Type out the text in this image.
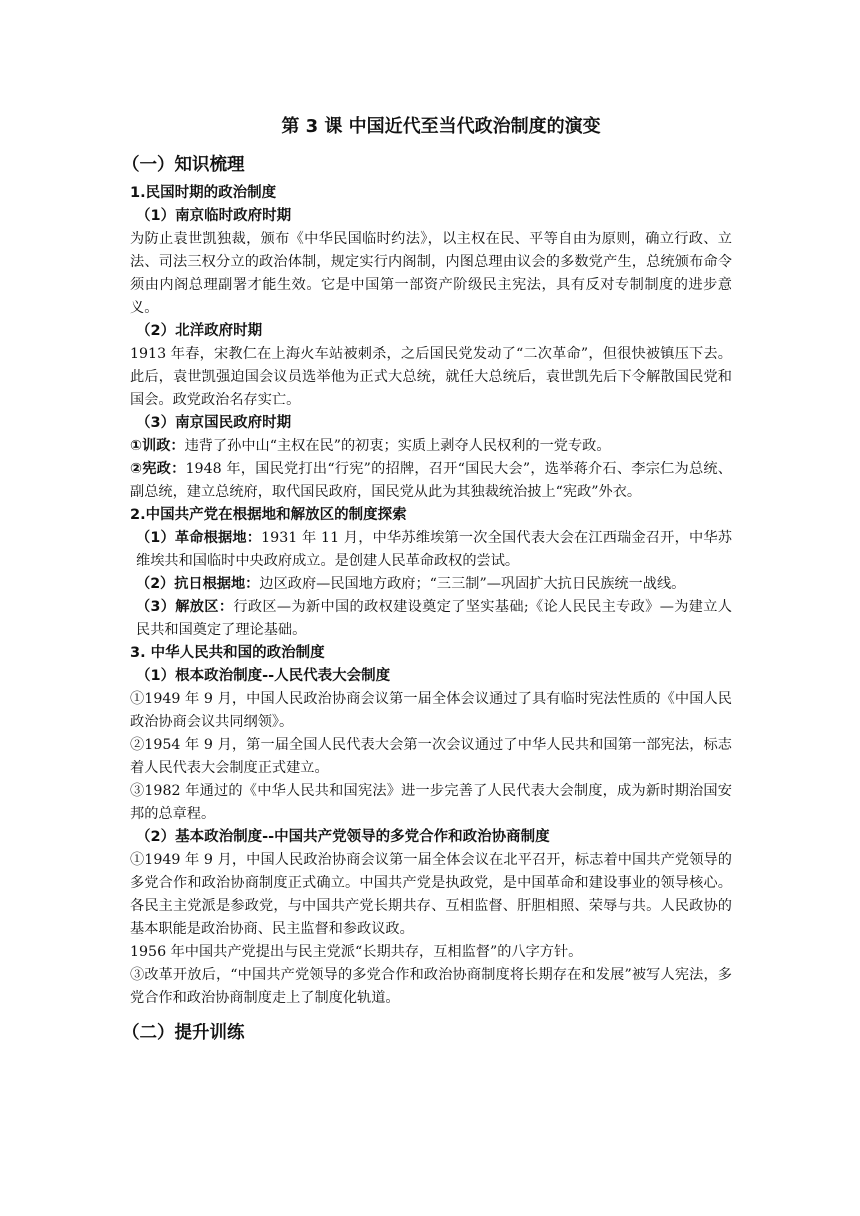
第 3 课 中国近代至当代政治制度的演变
（一）知识梳理
1.民国时期的政治制度
（1）南京临时政府时期
为防止袁世凯独裁，颁布《中华民国临时约法》，以主权在民、平等自由为原则，确立行政、立法、司法三权分立的政治体制，规定实行内阁制，内图总理由议会的多数党产生，总统颁布命令须由内阁总理副署才能生效。它是中国第一部资产阶级民主宪法，具有反对专制制度的进步意义。
（2）北洋政府时期
1913 年春，宋教仁在上海火车站被刺杀，之后国民党发动了“二次革命”，但很快被镇压下去。此后，袁世凯强迫国会议员选举他为正式大总统，就任大总统后，袁世凯先后下令解散国民党和国会。政党政治名存实亡。
（3）南京国民政府时期
①训政：违背了孙中山“主权在民”的初衷；实质上剥夺人民权利的一党专政。
②宪政：1948 年，国民党打出“行宪”的招牌，召开“国民大会”，选举蒋介石、李宗仁为总统、副总统，建立总统府，取代国民政府，国民党从此为其独裁统治披上“宪政”外衣。
2.中国共产党在根据地和解放区的制度探索
（1）革命根据地：1931 年 11 月，中华苏维埃第一次全国代表大会在江西瑞金召开，中华苏维埃共和国临时中央政府成立。是创建人民革命政权的尝试。
（2）抗日根据地：边区政府—民国地方政府；“三三制”—巩固扩大抗日民族统一战线。
（3）解放区：行政区—为新中国的政权建设奠定了坚实基础;《论人民民主专政》—为建立人民共和国奠定了理论基础。
3. 中华人民共和国的政治制度
（1）根本政治制度--人民代表大会制度
①1949 年 9 月，中国人民政治协商会议第一届全体会议通过了具有临时宪法性质的《中国人民政治协商会议共同纲领》。
②1954 年 9 月，第一届全国人民代表大会第一次会议通过了中华人民共和国第一部宪法，标志着人民代表大会制度正式建立。
③1982 年通过的《中华人民共和国宪法》进一步完善了人民代表大会制度，成为新时期治国安邦的总章程。
（2）基本政治制度--中国共产党领导的多党合作和政治协商制度
①1949 年 9 月，中国人民政治协商会议第一届全体会议在北平召开，标志着中国共产党领导的多党合作和政治协商制度正式确立。中国共产党是执政党，是中国革命和建设事业的领导核心。各民主主党派是参政党，与中国共产党长期共存、互相监督、肝胆相照、荣辱与共。人民政协的基本职能是政治协商、民主监督和参政议政。
1956 年中国共产党提出与民主党派“长期共存，互相监督”的八字方针。
③改革开放后，“中国共产党领导的多党合作和政治协商制度将长期存在和发展”被写人宪法，多党合作和政治协商制度走上了制度化轨道。
（二）提升训练
